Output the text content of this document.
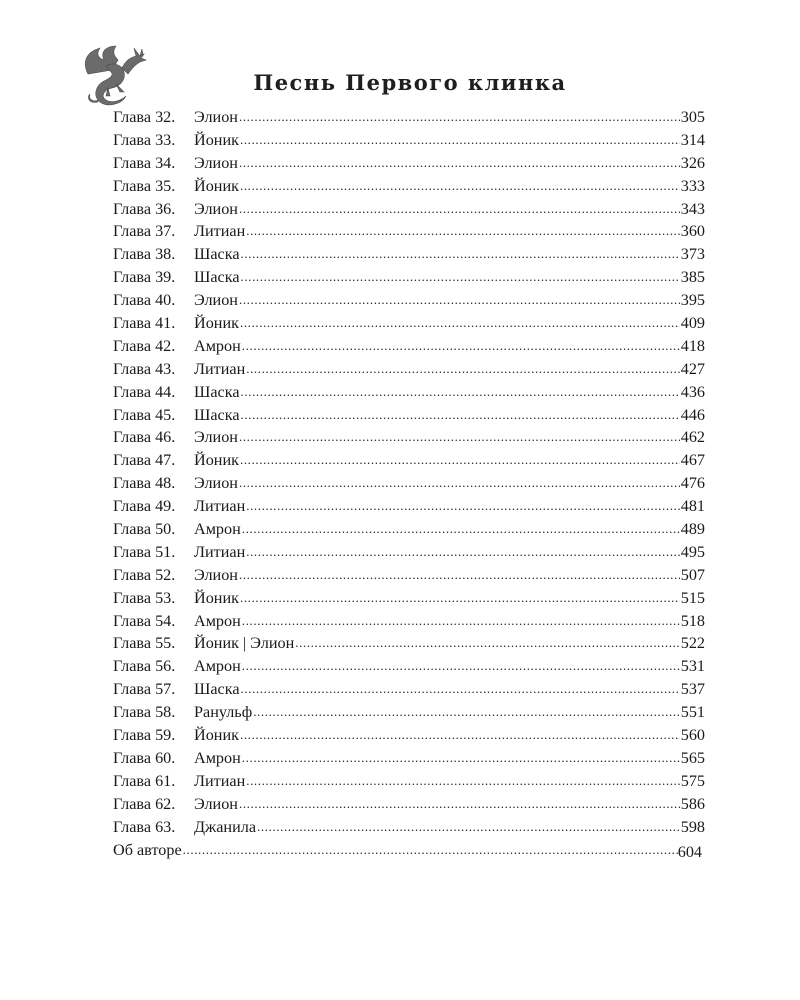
Песнь Первого клинка
Глава 32. Элион .....	305
Глава 33. Йоник .....	314
Глава 34. Элион .....	326
Глава 35. Йоник .....	333
Глава 36. Элион .....	343
Глава 37. Литиан .....	360
Глава 38. Шаска .....	373
Глава 39. Шаска .....	385
Глава 40. Элион .....	395
Глава 41. Йоник .....	409
Глава 42. Амрон .....	418
Глава 43. Литиан .....	427
Глава 44. Шаска .....	436
Глава 45. Шаска .....	446
Глава 46. Элион .....	462
Глава 47. Йоник .....	467
Глава 48. Элион .....	476
Глава 49. Литиан .....	481
Глава 50. Амрон .....	489
Глава 51. Литиан .....	495
Глава 52. Элион .....	507
Глава 53. Йоник .....	515
Глава 54. Амрон .....	518
Глава 55. Йоник | Элион .....	522
Глава 56. Амрон .....	531
Глава 57. Шаска .....	537
Глава 58. Ранульф .....	551
Глава 59. Йоник .....	560
Глава 60. Амрон .....	565
Глава 61. Литиан .....	575
Глава 62. Элион .....	586
Глава 63. Джанила .....	598
Об авторе .....	604
